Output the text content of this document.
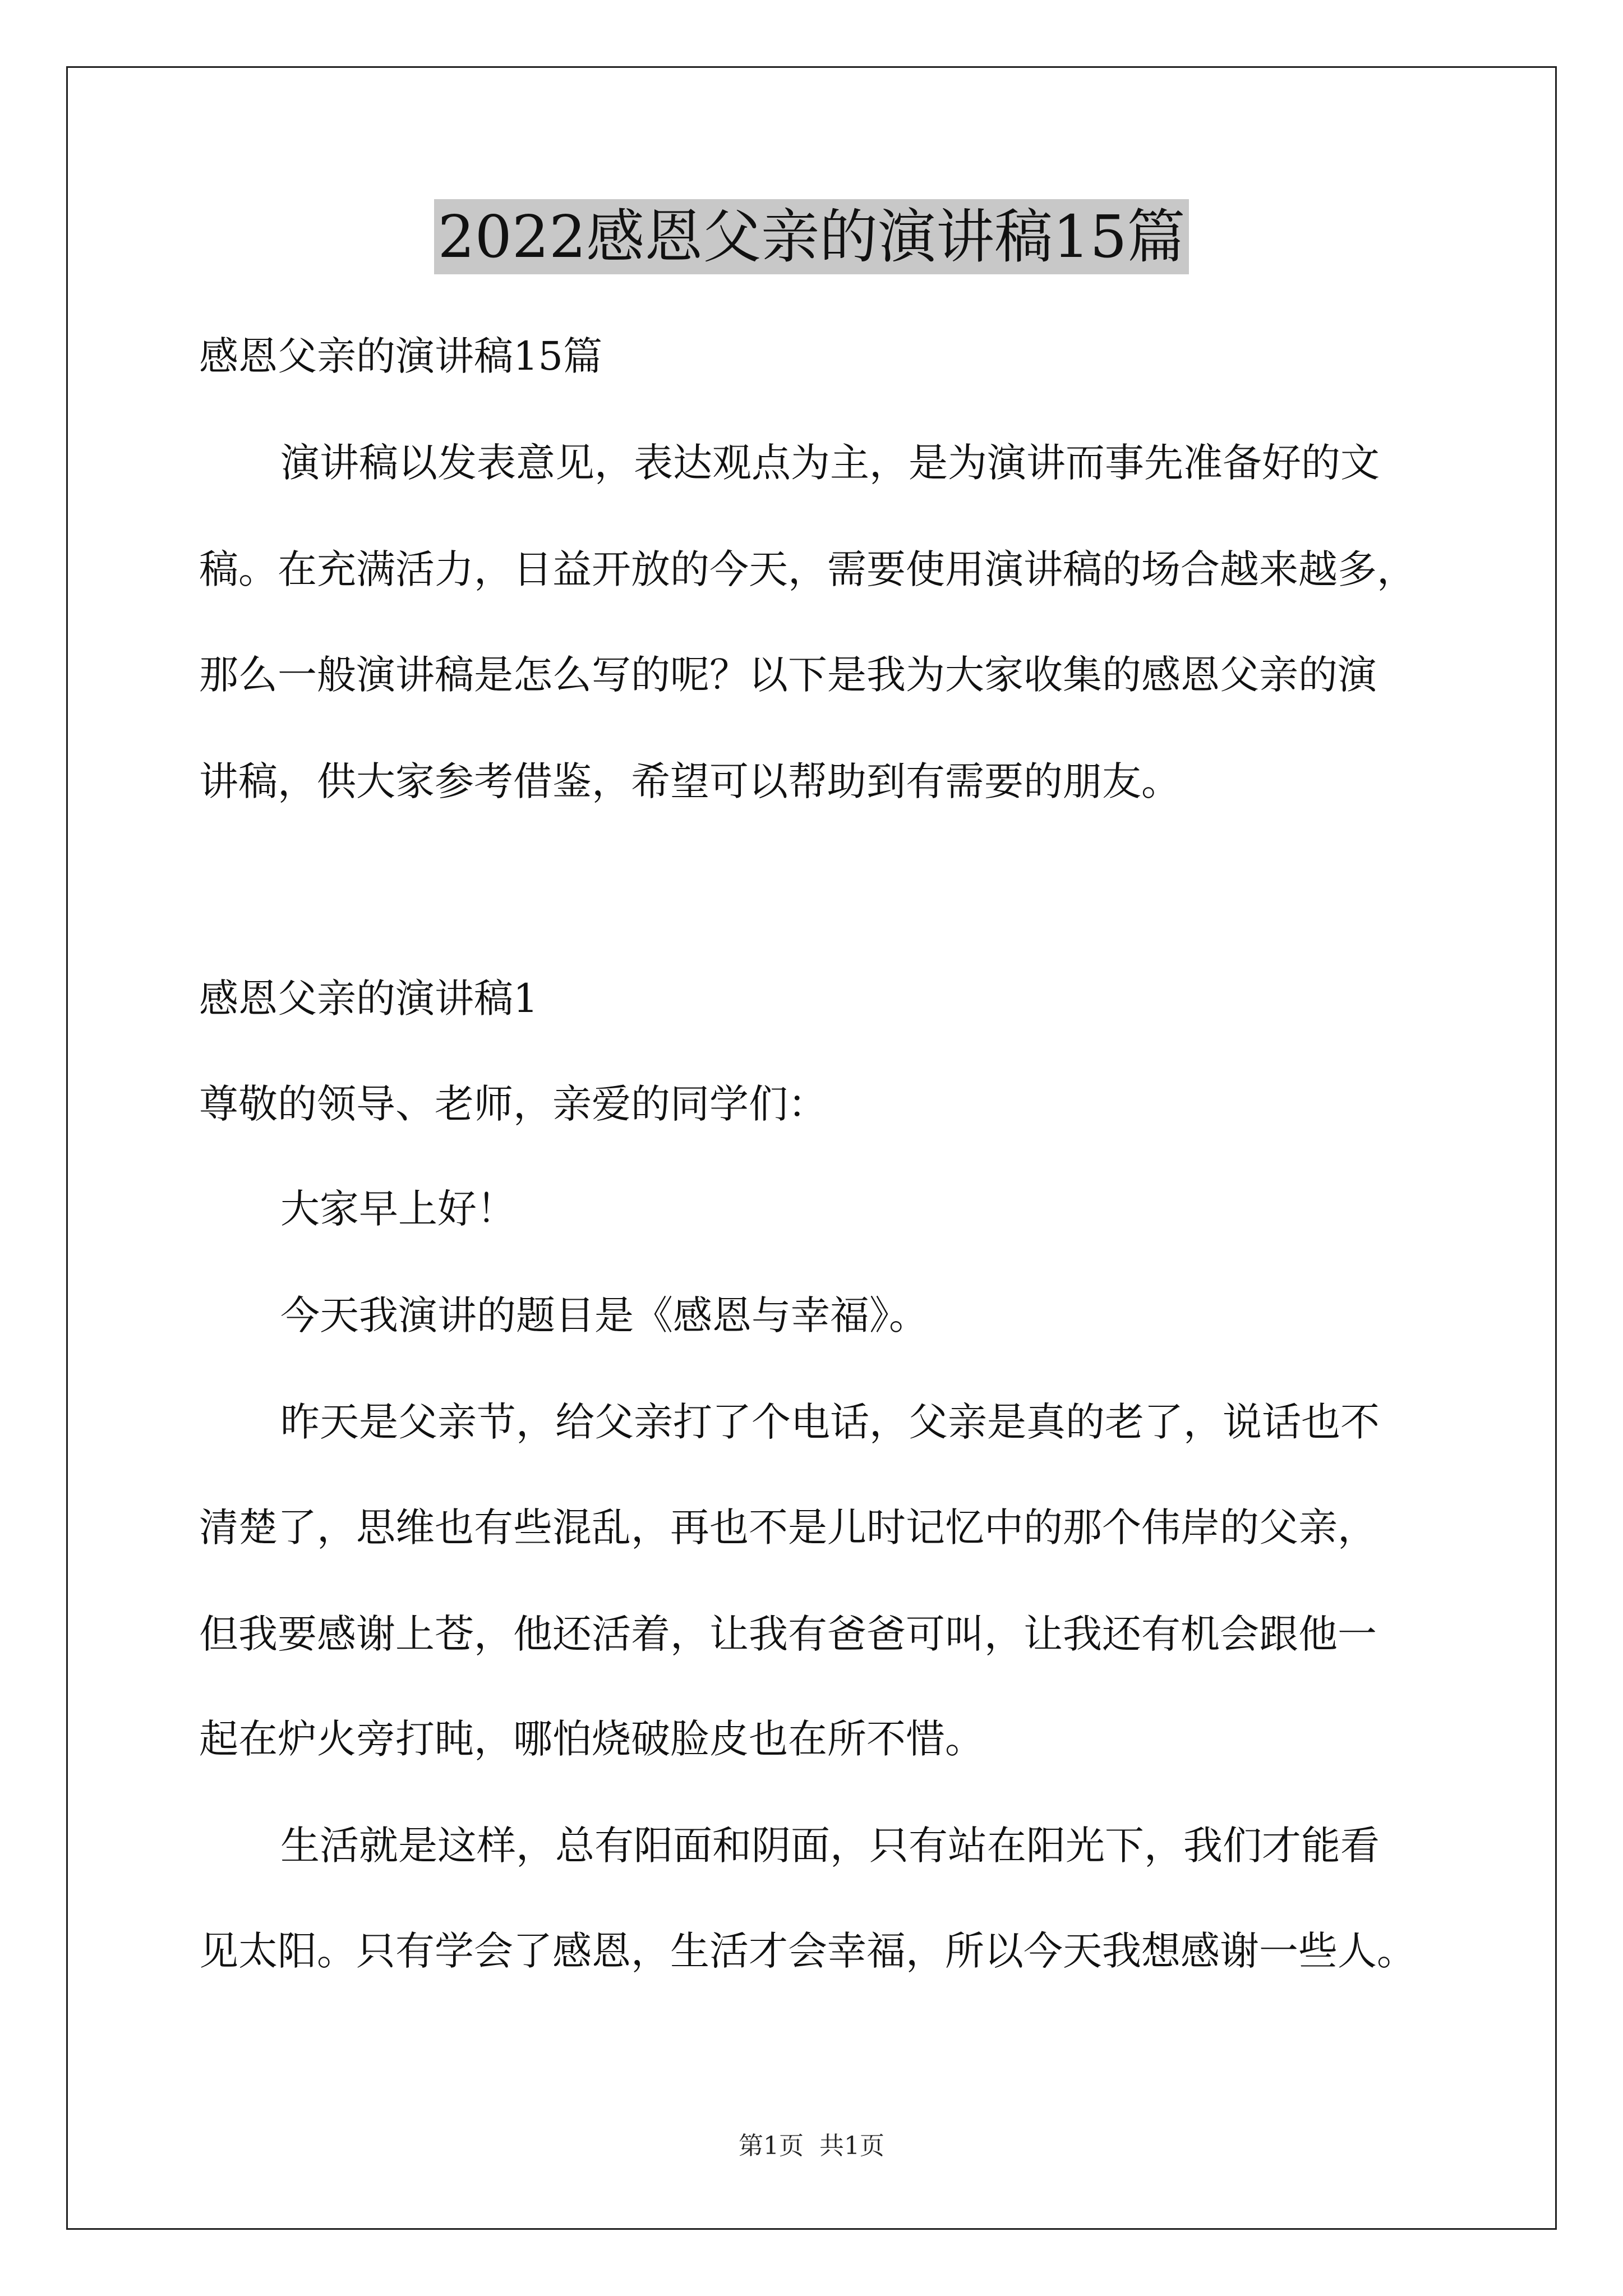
2022感恩父亲的演讲稿15篇
感恩父亲的演讲稿15篇
演讲稿以发表意见，表达观点为主，是为演讲而事先准备好的文
稿。在充满活力，日益开放的今天，需要使用演讲稿的场合越来越多，
那么一般演讲稿是怎么写的呢？以下是我为大家收集的感恩父亲的演
讲稿，供大家参考借鉴，希望可以帮助到有需要的朋友。
感恩父亲的演讲稿1
尊敬的领导、老师，亲爱的同学们：
大家早上好！
今天我演讲的题目是《感恩与幸福》。
昨天是父亲节，给父亲打了个电话，父亲是真的老了，说话也不
清楚了，思维也有些混乱，再也不是儿时记忆中的那个伟岸的父亲，
但我要感谢上苍，他还活着，让我有爸爸可叫，让我还有机会跟他一
起在炉火旁打盹，哪怕烧破脸皮也在所不惜。
生活就是这样，总有阳面和阴面，只有站在阳光下，我们才能看
见太阳。只有学会了感恩，生活才会幸福，所以今天我想感谢一些人。
第1页 共1页
